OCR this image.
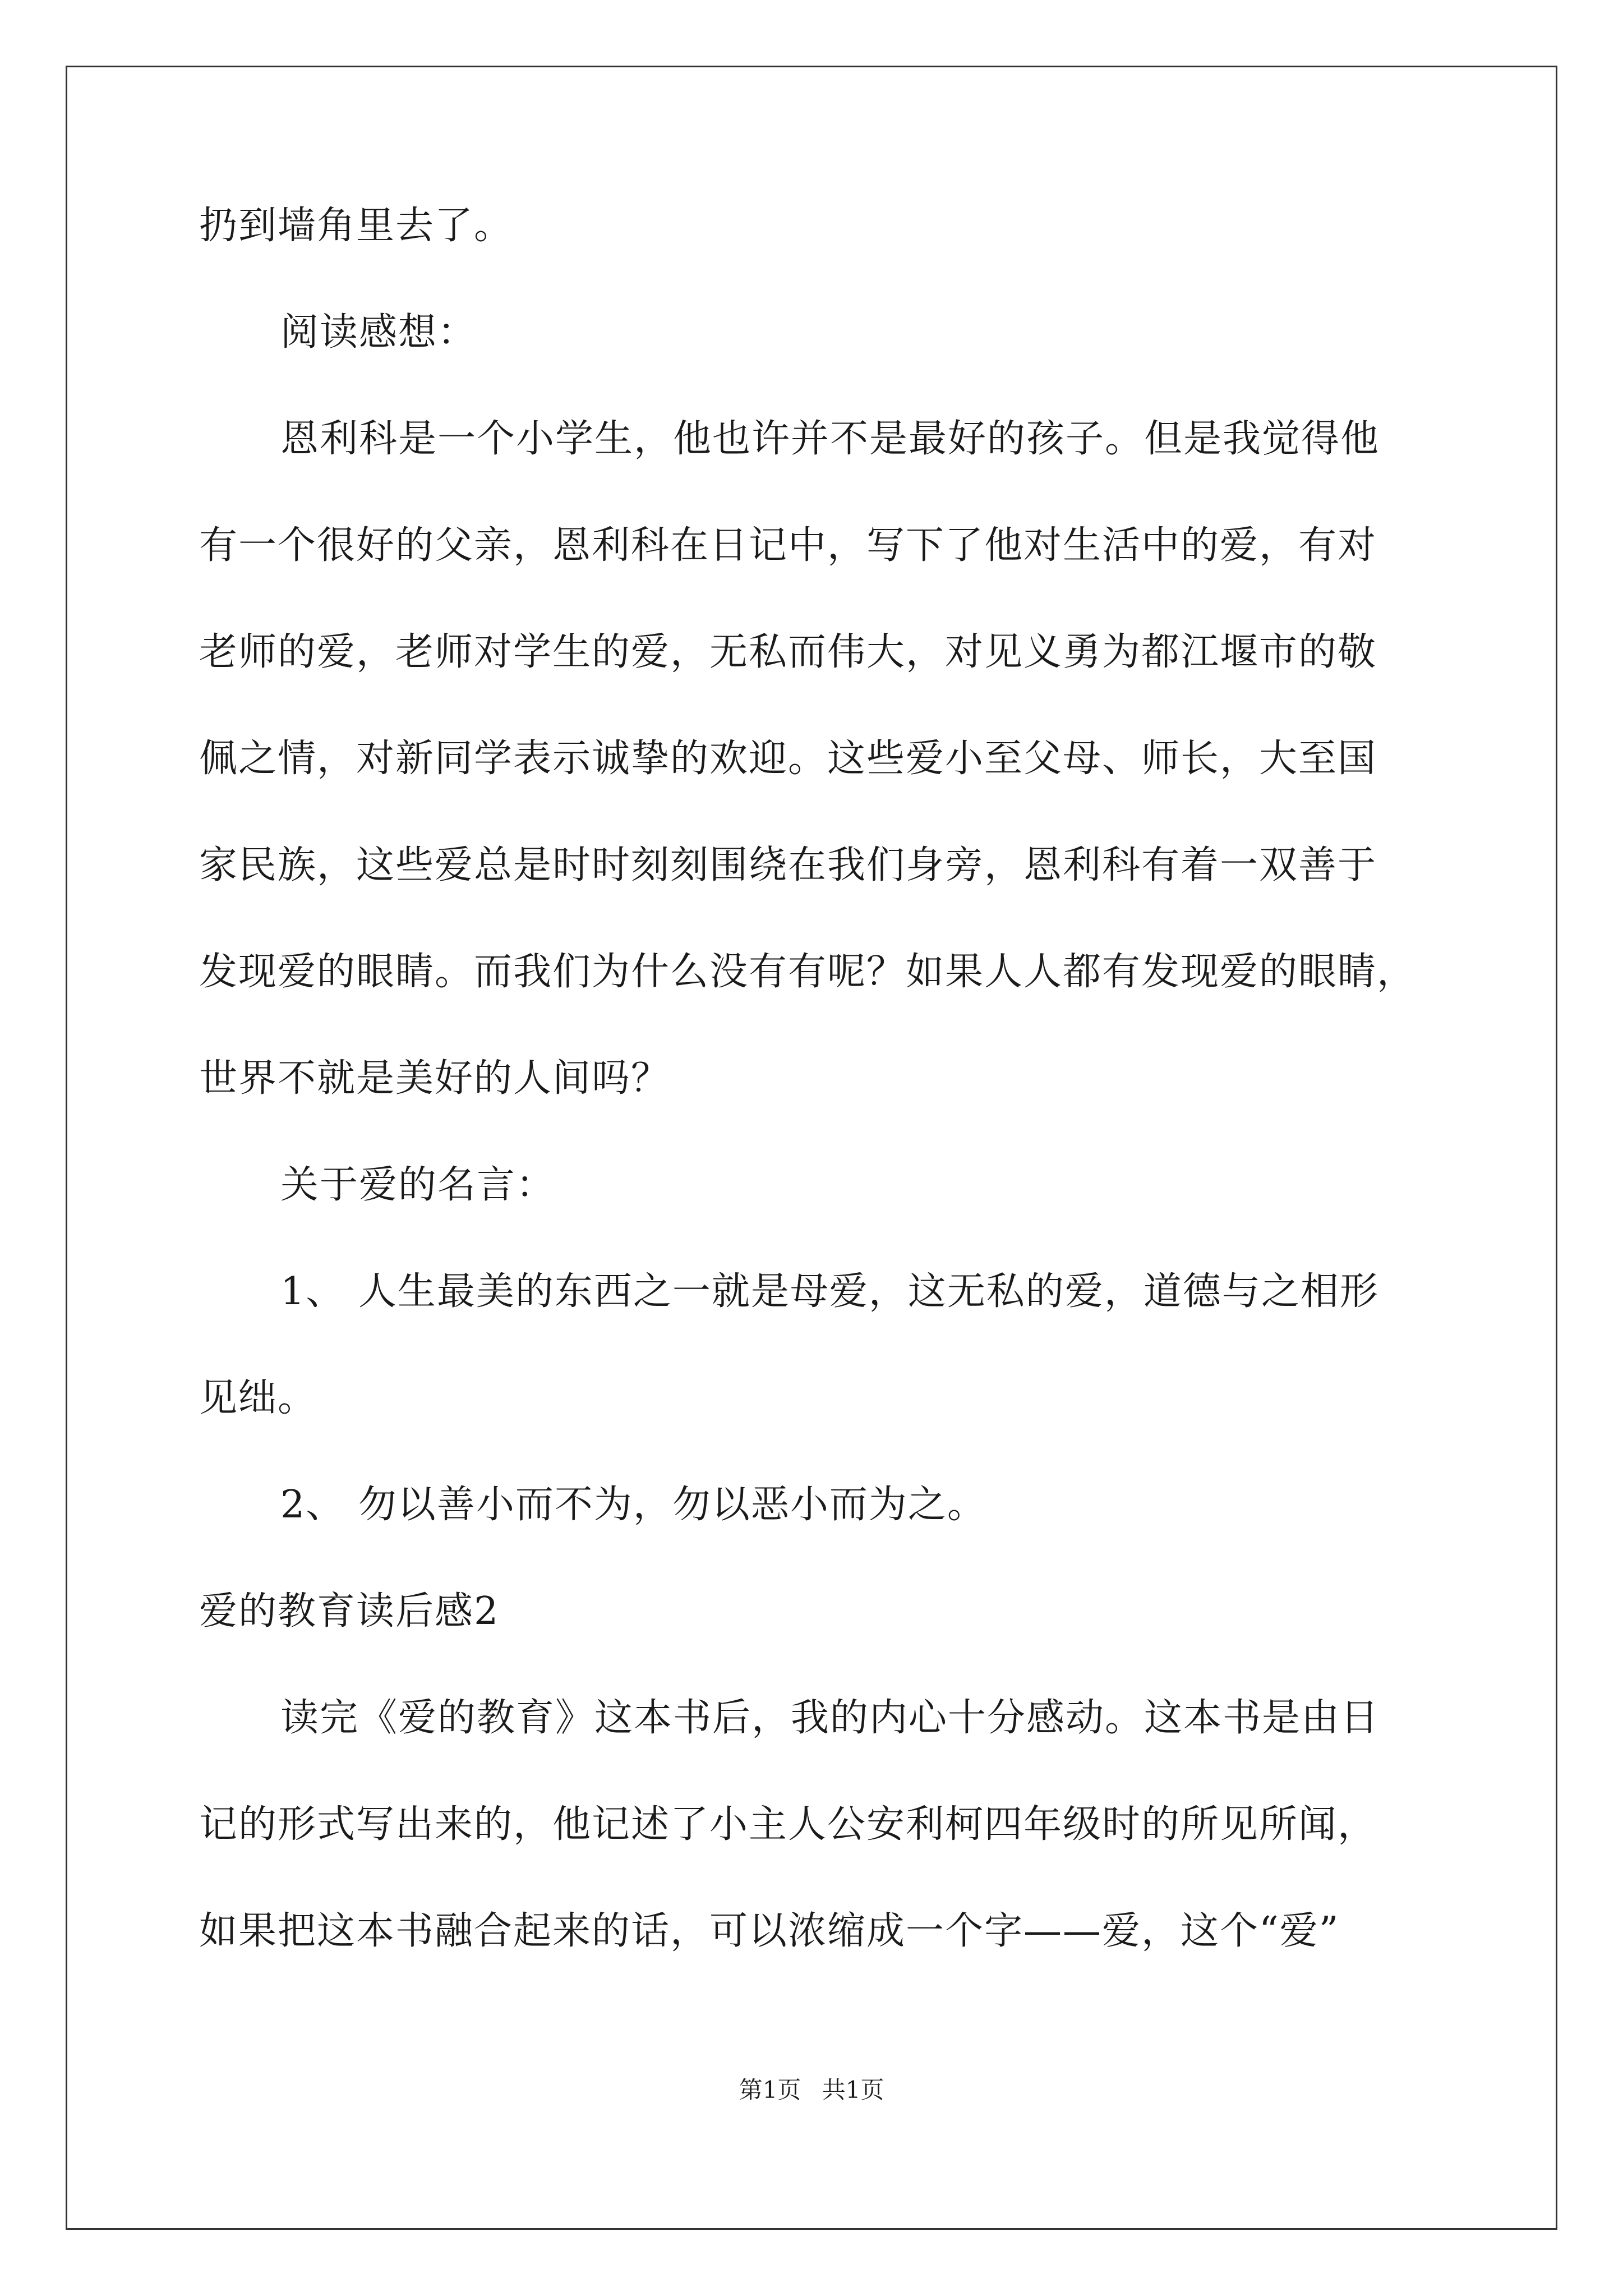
扔到墙角里去了。
阅读感想：
恩利科是一个小学生，他也许并不是最好的孩子。但是我觉得他
有一个很好的父亲，恩利科在日记中，写下了他对生活中的爱，有对
老师的爱，老师对学生的爱，无私而伟大，对见义勇为都江堰市的敬
佩之情，对新同学表示诚挚的欢迎。这些爱小至父母、师长，大至国
家民族，这些爱总是时时刻刻围绕在我们身旁，恩利科有着一双善于
发现爱的眼睛。而我们为什么没有有呢？如果人人都有发现爱的眼睛，
世界不就是美好的人间吗？
关于爱的名言：
1、 人生最美的东西之一就是母爱，这无私的爱，道德与之相形
见绌。
2、 勿以善小而不为，勿以恶小而为之。
爱的教育读后感2
读完《爱的教育》这本书后，我的内心十分感动。这本书是由日
记的形式写出来的，他记述了小主人公安利柯四年级时的所见所闻，
如果把这本书融合起来的话，可以浓缩成一个字——爱，这个“爱”
第1页 共1页
